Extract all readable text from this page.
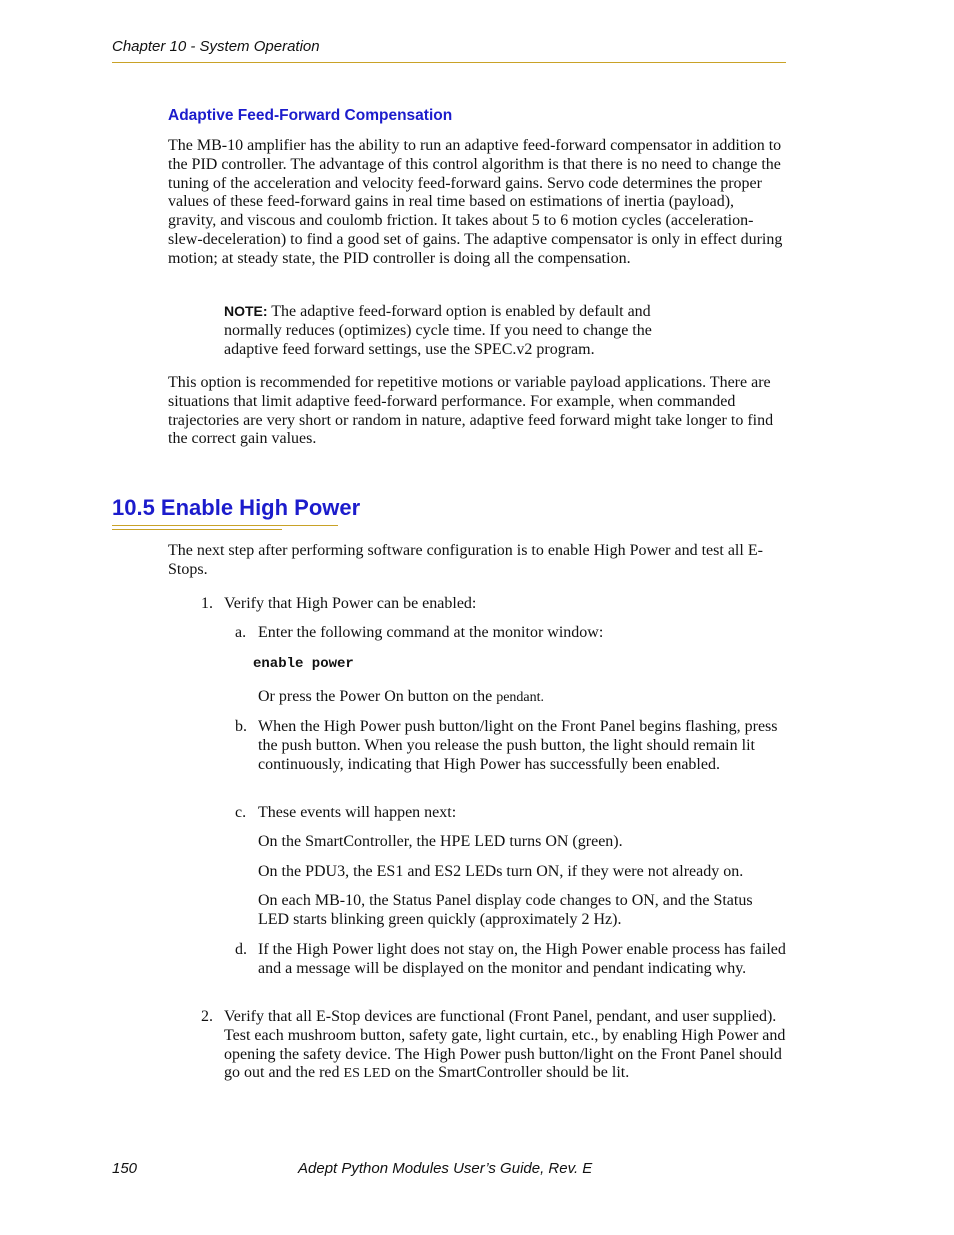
Chapter 10 - System Operation
Adaptive Feed-Forward Compensation

The MB-10 amplifier has the ability to run an adaptive feed-forward compensator in addition to the PID controller. The advantage of this control algorithm is that there is no need to change the tuning of the acceleration and velocity feed-forward gains. Servo code determines the proper values of these feed-forward gains in real time based on estimations of inertia (payload), gravity, and viscous and coulomb friction. It takes about 5 to 6 motion cycles (acceleration-slew-deceleration) to find a good set of gains. The adaptive compensator is only in effect during motion; at steady state, the PID controller is doing all the compensation.

NOTE: The adaptive feed-forward option is enabled by default and normally reduces (optimizes) cycle time. If you need to change the adaptive feed forward settings, use the SPEC.v2 program.

This option is recommended for repetitive motions or variable payload applications. There are situations that limit adaptive feed-forward performance. For example, when commanded trajectories are very short or random in nature, adaptive feed forward might take longer to find the correct gain values.

10.5 Enable High Power

The next step after performing software configuration is to enable High Power and test all E-Stops.

1. Verify that High Power can be enabled:

a. Enter the following command at the monitor window:

enable power

Or press the Power On button on the pendant.

b. When the High Power push button/light on the Front Panel begins flashing, press the push button. When you release the push button, the light should remain lit continuously, indicating that High Power has successfully been enabled.

c. These events will happen next:

On the SmartController, the HPE LED turns ON (green).

On the PDU3, the ES1 and ES2 LEDs turn ON, if they were not already on.

On each MB-10, the Status Panel display code changes to ON, and the Status LED starts blinking green quickly (approximately 2 Hz).

d. If the High Power light does not stay on, the High Power enable process has failed and a message will be displayed on the monitor and pendant indicating why.

2. Verify that all E-Stop devices are functional (Front Panel, pendant, and user supplied). Test each mushroom button, safety gate, light curtain, etc., by enabling High Power and opening the safety device. The High Power push button/light on the Front Panel should go out and the red ES LED on the SmartController should be lit.

150	Adept Python Modules User’s Guide, Rev. E
